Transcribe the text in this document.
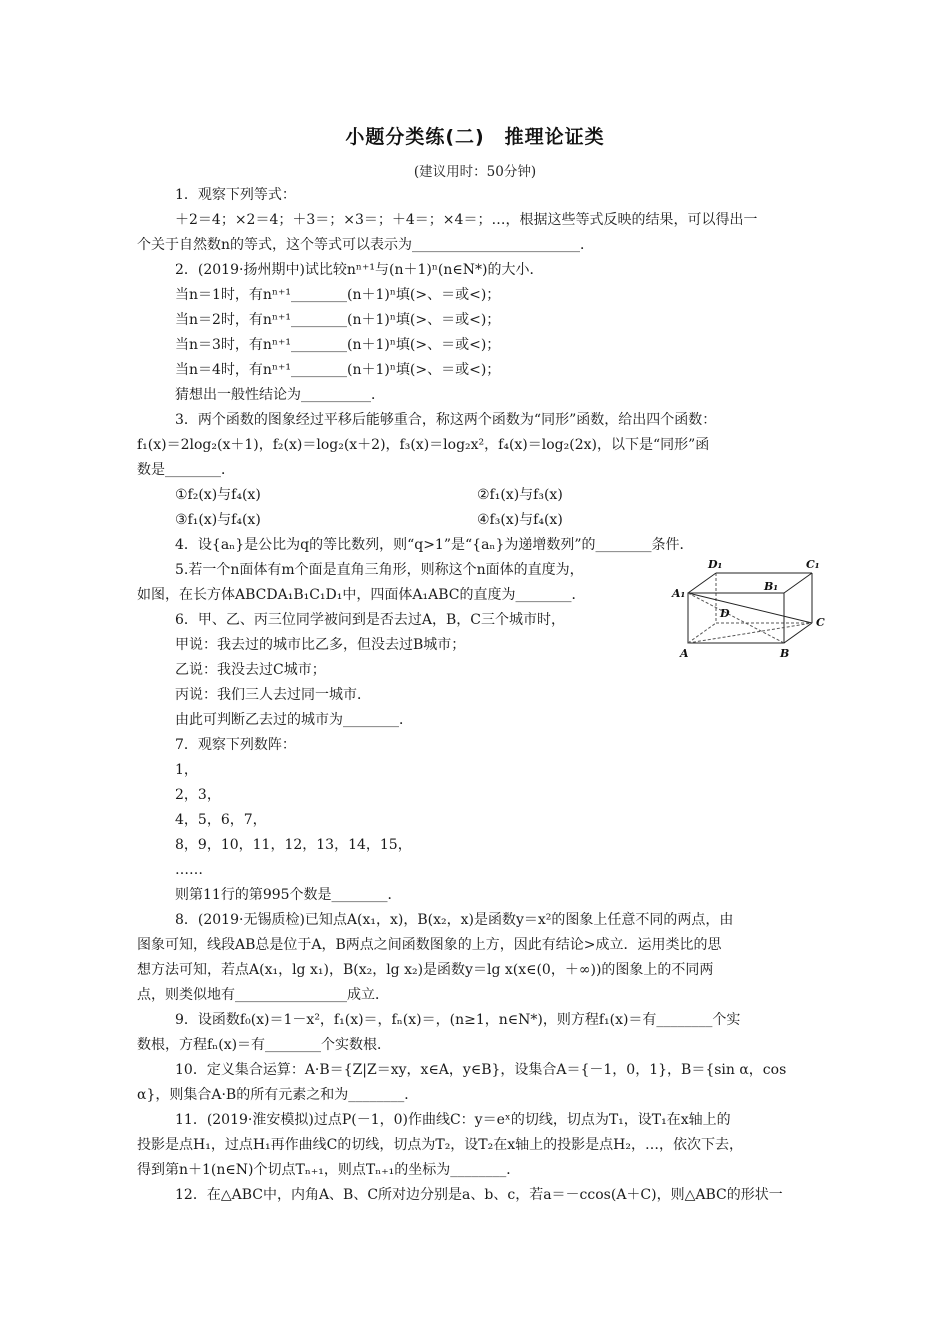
小题分类练(二)　推理论证类
(建议用时：50分钟)
1．观察下列等式：
＋2＝4；×2＝4；＋3＝；×3＝；＋4＝；×4＝；…，根据这些等式反映的结果，可以得出一
个关于自然数n的等式，这个等式可以表示为________________________．
2．(2019·扬州期中)试比较nⁿ⁺¹与(n＋1)ⁿ(n∈N*)的大小．
当n＝1时，有nⁿ⁺¹________(n＋1)ⁿ填(>、＝或<)；
当n＝2时，有nⁿ⁺¹________(n＋1)ⁿ填(>、＝或<)；
当n＝3时，有nⁿ⁺¹________(n＋1)ⁿ填(>、＝或<)；
当n＝4时，有nⁿ⁺¹________(n＋1)ⁿ填(>、＝或<)；
猜想出一般性结论为__________．
3．两个函数的图象经过平移后能够重合，称这两个函数为“同形”函数，给出四个函数：
f₁(x)＝2log₂(x＋1)，f₂(x)＝log₂(x＋2)，f₃(x)＝log₂x²，f₄(x)＝log₂(2x)，以下是“同形”函
数是________．
①f₂(x)与f₄(x)	②f₁(x)与f₃(x)
③f₁(x)与f₄(x)	④f₃(x)与f₄(x)
4．设{aₙ}是公比为q的等比数列，则“q>1”是“{aₙ}为递增数列”的________条件．
5.若一个n面体有m个面是直角三角形，则称这个n面体的直度为，
如图，在长方体ABCDA₁B₁C₁D₁中，四面体A₁ABC的直度为________．
6．甲、乙、丙三位同学被问到是否去过A，B，C三个城市时，
甲说：我去过的城市比乙多，但没去过B城市；
乙说：我没去过C城市；
丙说：我们三人去过同一城市．
由此可判断乙去过的城市为________．
7．观察下列数阵：
1，
2，3，
4，5，6，7，
8，9，10，11，12，13，14，15，
……
则第11行的第995个数是________．
8．(2019·无锡质检)已知点A(x₁，x)，B(x₂，x)是函数y＝x²的图象上任意不同的两点，由
图象可知，线段AB总是位于A，B两点之间函数图象的上方，因此有结论>成立．运用类比的思
想方法可知，若点A(x₁，lg x₁)，B(x₂，lg x₂)是函数y＝lg x(x∈(0，＋∞))的图象上的不同两
点，则类似地有________________成立．
9．设函数f₀(x)＝1－x²，f₁(x)＝，fₙ(x)＝，(n≥1，n∈N*)，则方程f₁(x)＝有________个实
数根，方程fₙ(x)＝有________个实数根．
10．定义集合运算：A·B＝{Z|Z＝xy，x∈A，y∈B}，设集合A＝{－1，0，1}，B＝{sin α，cos
α}，则集合A·B的所有元素之和为________．
11．(2019·淮安模拟)过点P(－1，0)作曲线C：y＝eˣ的切线，切点为T₁，设T₁在x轴上的
投影是点H₁，过点H₁再作曲线C的切线，切点为T₂，设T₂在x轴上的投影是点H₂，…，依次下去，
得到第n＋1(n∈N)个切点Tₙ₊₁，则点Tₙ₊₁的坐标为________．
12．在△ABC中，内角A、B、C所对边分别是a、b、c，若a＝－ccos(A＋C)，则△ABC的形状一
D₁	C₁
A₁
B₁
D
C
A	B
